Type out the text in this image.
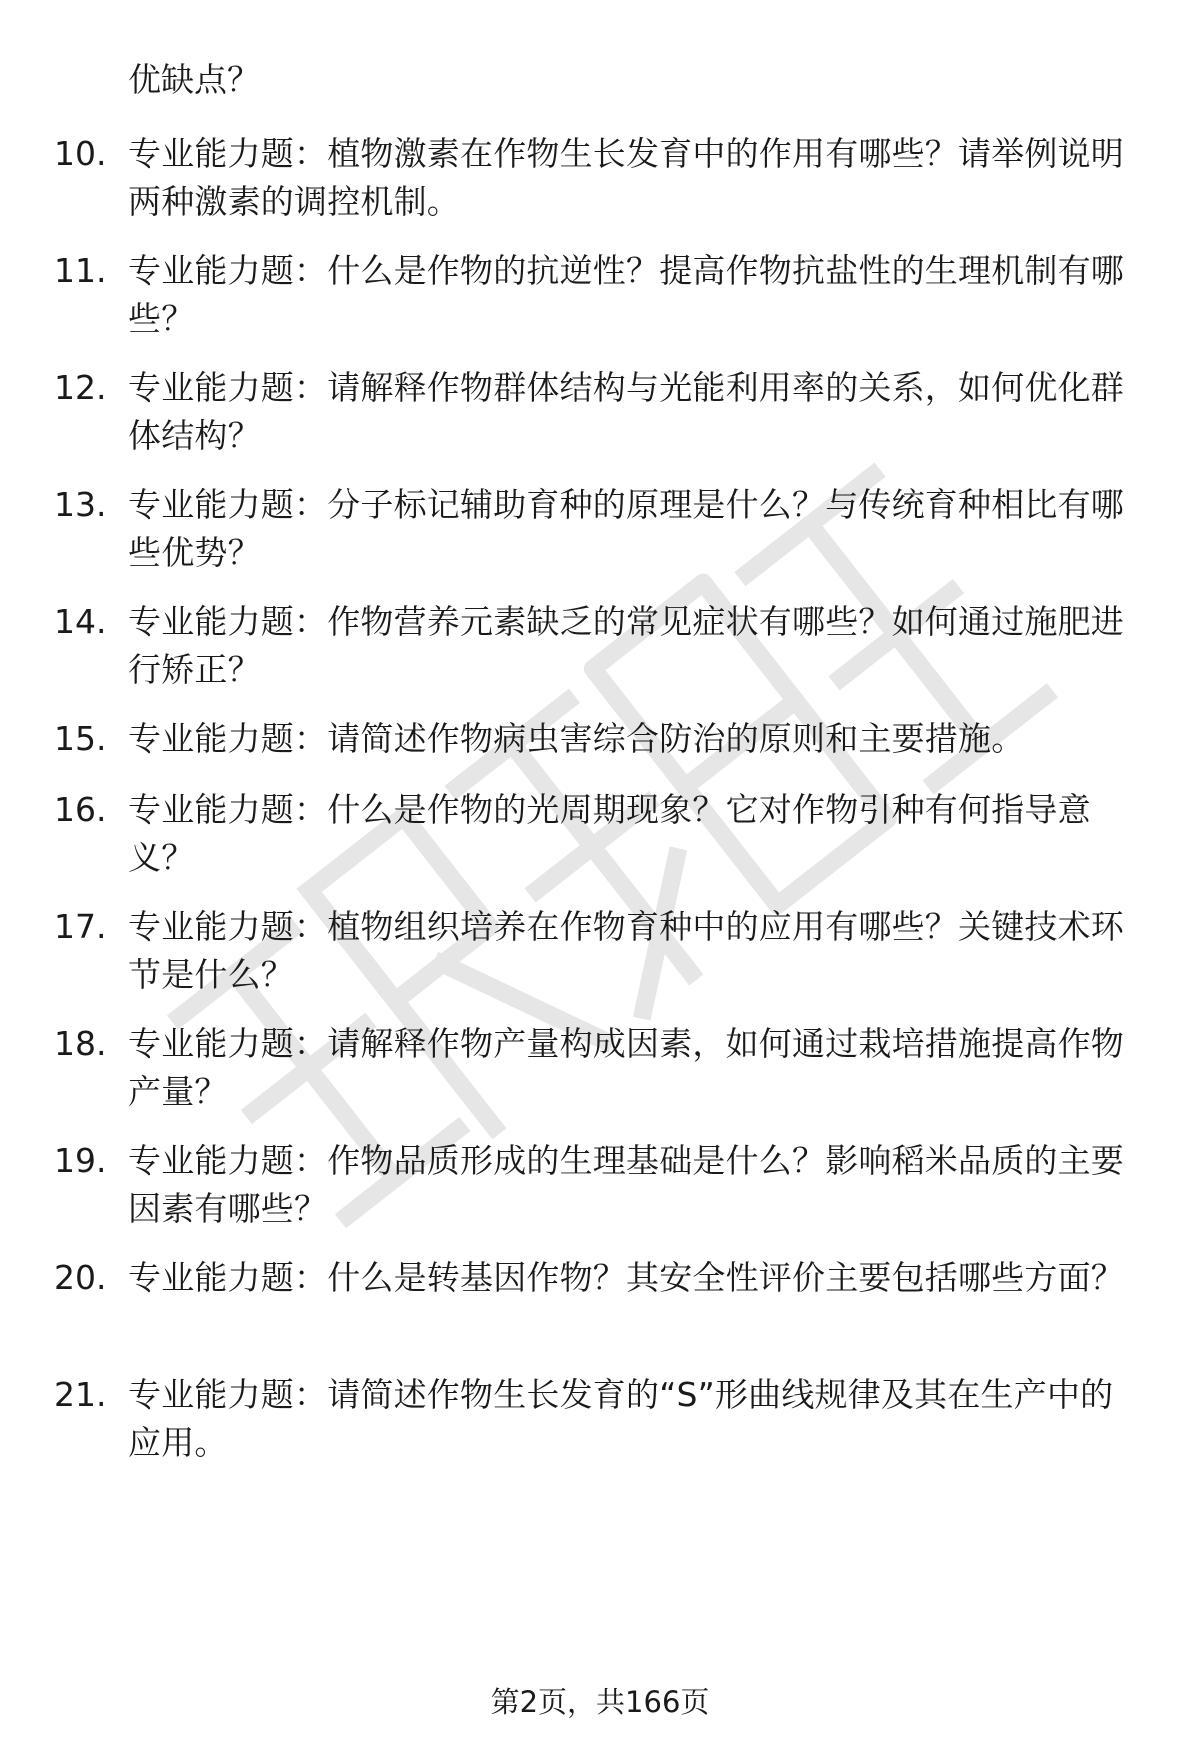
优缺点？
10. 专业能力题：植物激素在作物生长发育中的作用有哪些？请举例说明两种激素的调控机制。
11. 专业能力题：什么是作物的抗逆性？提高作物抗盐性的生理机制有哪些？
12. 专业能力题：请解释作物群体结构与光能利用率的关系，如何优化群体结构？
13. 专业能力题：分子标记辅助育种的原理是什么？与传统育种相比有哪些优势？
14. 专业能力题：作物营养元素缺乏的常见症状有哪些？如何通过施肥进行矫正？
15. 专业能力题：请简述作物病虫害综合防治的原则和主要措施。
16. 专业能力题：什么是作物的光周期现象？它对作物引种有何指导意义？
17. 专业能力题：植物组织培养在作物育种中的应用有哪些？关键技术环节是什么？
18. 专业能力题：请解释作物产量构成因素，如何通过栽培措施提高作物产量？
19. 专业能力题：作物品质形成的生理基础是什么？影响稻米品质的主要因素有哪些？
20. 专业能力题：什么是转基因作物？其安全性评价主要包括哪些方面？
21. 专业能力题：请简述作物生长发育的“S”形曲线规律及其在生产中的应用。
第2页，共166页
